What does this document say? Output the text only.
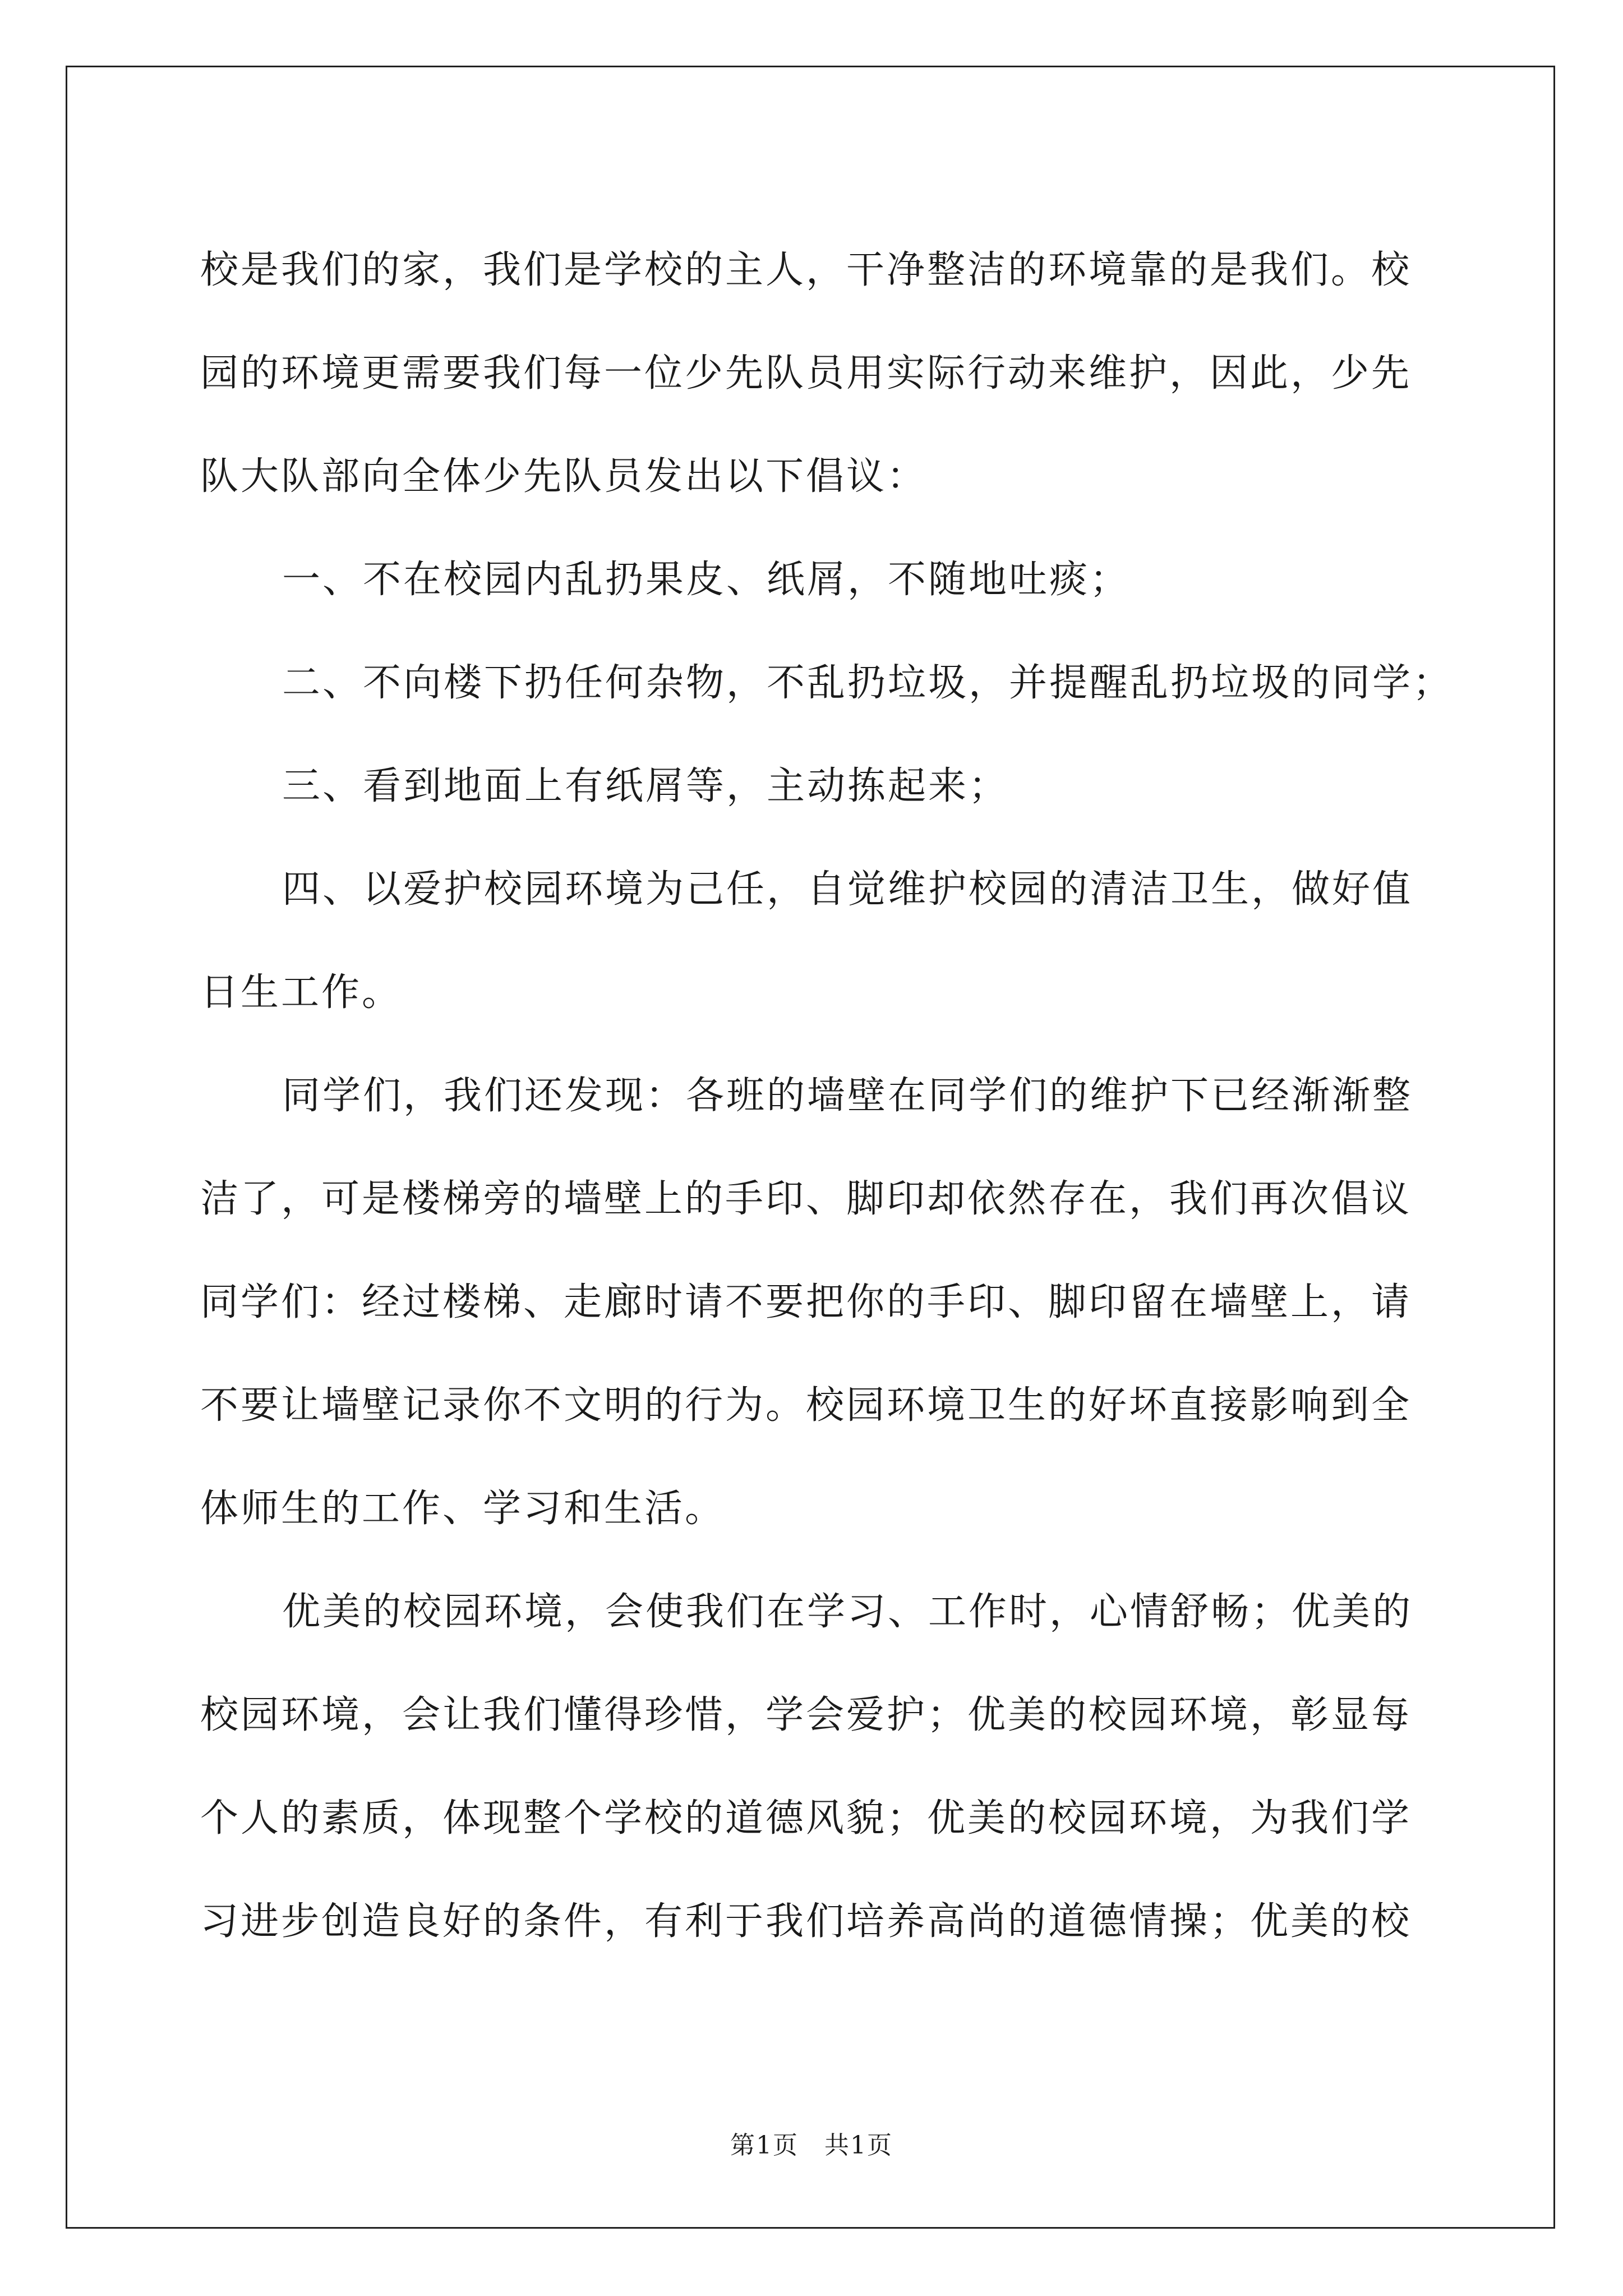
校是我们的家，我们是学校的主人，干净整洁的环境靠的是我们。校
园的环境更需要我们每一位少先队员用实际行动来维护，因此，少先
队大队部向全体少先队员发出以下倡议：
一、不在校园内乱扔果皮、纸屑，不随地吐痰；
二、不向楼下扔任何杂物，不乱扔垃圾，并提醒乱扔垃圾的同学；
三、看到地面上有纸屑等，主动拣起来；
四、以爱护校园环境为己任，自觉维护校园的清洁卫生，做好值
日生工作。
同学们，我们还发现：各班的墙壁在同学们的维护下已经渐渐整
洁了，可是楼梯旁的墙壁上的手印、脚印却依然存在，我们再次倡议
同学们：经过楼梯、走廊时请不要把你的手印、脚印留在墙壁上，请
不要让墙壁记录你不文明的行为。校园环境卫生的好坏直接影响到全
体师生的工作、学习和生活。
优美的校园环境，会使我们在学习、工作时，心情舒畅；优美的
校园环境，会让我们懂得珍惜，学会爱护；优美的校园环境，彰显每
个人的素质，体现整个学校的道德风貌；优美的校园环境，为我们学
习进步创造良好的条件，有利于我们培养高尚的道德情操；优美的校
第1页　共1页
